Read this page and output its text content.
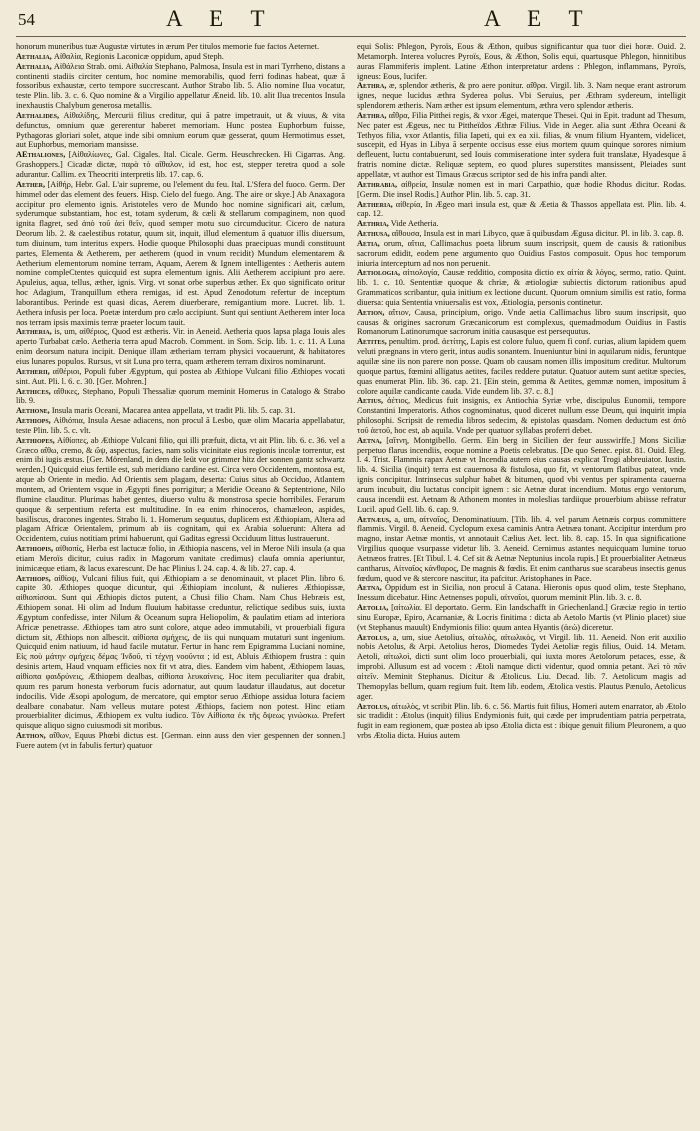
54	A E T	A E T

honorum muneribus tuæ Augustæ virtutes in ærum Per titulos memorie fue factos Aeternet.

Aethalia, Αἰθαλία, Regionis Laconicæ oppidum, apud Steph.

Aethalia, Αἰθάλεια Strab. omi. Αἰθαλία Stephano, Palmosa, Insula est in mari Tyrrheno, distans a continenti stadiis circiter centum, hoc nomine memorabilis, quod ferri fodinas habeat, quæ ā fossoribus exhaustæ, certo tempore succrescant. Author Strabo lib. 5. Alio nomine Ilua vocatur, teste Plin. lib. 3. c. 6. Quo nomine & a Virgilio appellatur Æneid. lib. 10. alit Ilua trecentos Insula inexhaustis Chalybum generosa metallis.

Aethalides, Αἰθαλίδης, Mercurii filius creditur, qui ā patre impetrauit, ut & viuus, & vita defunctus, omnium quæ gererentur haberet memoriam. Hunc postea Euphorbum fuisse, Pythagoras gloriari solet, atque inde sibi omnium eorum quæ gesserat, quum Hermotimus esset, aut Euphorbus, memoriam mansisse.

AEthaliones, [Αἰθαλίωνες, Gal. Cigales. Ital. Cicale. Germ. Heuschrecken. Hi Cigarras. Ang. Grashoppers.] Cicadæ dictæ, παρὰ τὸ αἴθαλον, id est, hoc est, stepper teretra quod a sole adurantur. Callim. ex Theocriti interpretis lib. 17. cap. 6.

Aether, [Αἰθήρ, Hebr. Gal. L'air supreme, ou l'element du feu. Ital. L'Sfera del fuoco. Germ. Der himmel oder das element des feuers. Hisp. Cielo del fuego. Ang. The aire or skye.] Ab Anaxagora accipitur pro elemento ignis. Aristoteles vero de Mundo hoc nomine significari ait, cælum, syderumque substantiam, hoc est, totam syderum, & cæli & stellarum compaginem, non quod ignita flagret, sed ἀπὸ τοῦ ἀεὶ θεῖν, quod semper motu suo circumducitur. Cicero de natura Deorum lib. 2. & caelestibus rotatur, quum sit, inquit, illud elementum ā quatuor illis diuersum, tum diuinum, tum interitus expers. Hodie quoque Philosophi duas praecipuas mundi constituunt partes, Elementa & Aetherem, per aetherem (quod in vnum recidit) Mundum elementarem & Aetherium elementorum nomine terram, Aquam, Aerem & Ignem intelligentes : Aetheris autem nomine compleCtentes quicquid est supra elementum ignis. Alii Aetherem accipiunt pro aere. Apuleius, aqua, tellus, æther, ignis. Virg. vt sonat orbe superbus æther. Ex quo significato oritur hoc Adagium, Tranquillum ethera remigas, id est. Apud Zenodotum refertur de inceptum laborantibus. Perinde est quasi dicas, Aerem diuerberare, remigantium more. Lucret. lib. 1. Aethera infusis per loca. Poetæ interdum pro cælo accipiunt. Sunt qui sentiunt Aetherem inter loca nos terram ipsis maximis terræ praeter locum tauit.

Aetheria, is, um, αἰθέριος, Quod est ætheris. Vir. in Aeneid. Aetheria quos lapsa plaga Iouis ales aperto Turbabat cælo. Aetheria terra apud Macrob. Comment. in Som. Scip. lib. 1. c. 11. A Luna enim deorsum natura incipit. Denique illam ætheriam terram physici vocauerunt, & habitatores eius lunares populos. Rursus, vt sit Luna pro terra, quam ætherem terram dixiros nominarunt.

Aetherii, αἰθέριοι, Populi fuber Ægyptum, qui postea ab Æthiope Vulcani filio Æthiopes vocati sint. Aut. Pli. l. 6. c. 30. [Ger. Mohren.]

Aethices, αἴθικες, Stephano, Populi Thessaliæ quorum meminit Homerus in Catalogo & Strabo lib. 9.

Aethone, Insula maris Oceani, Macarea antea appellata, vt tradit Pli. lib. 5. cap. 31.

Aethiops, Αἰθιόπια, Insula Aesae adiacens, non procul ā Lesbo, quæ olim Macaria appellabatur, teste Plin. lib. 5. c. vlt.

Aethiopes, Αἰθίοπες, ab Æthiope Vulcani filio, qui illi præfuit, dicta, vt ait Plin. lib. 6. c. 36. vel a Græco αἴθω, cremo, & ὤψ, aspectus, facies, nam solis vicinitate eius regionis incolæ torrentur, est enim ibi iugis æstus. [Ger. Mörenland, in dem die leüt vor grimmer hitz der sonnen gantz schwartz werden.] Quicquid eius fertile est, sub meridiano cardine est. Circa vero Occidentem, montosa est, atque ab Oriente in medio. Ad Orientis sem plagam, deserta: Cuius situs ab Occiduo, Atlantem montem, ad Orientem vsque in Ægypti fines porrigitur; a Meridie Oceano & Septentrione, Nilo flumine clauditur. Plurimas habet gentes, diuerso vultu & monstrosa specie horribiles. Ferarum quoque & serpentium referta est multitudine. In ea enim rhinoceros, chamæleon, aspides, basiliscus, dracones ingentes. Strabo li. 1. Homerum sequutus, duplicem est Æthiopiam, Altera ad plagam Africæ Orientalem, primum ab iis cognitam, qui ex Arabia soluerunt: Altera ad Occidentem, cuius notitiam primi habuerunt, qui Gaditas egressi Occiduum littus lustrauerunt.

Aethiopis, αἰθιοπίς, Herba est lactucæ folio, in Æthiopia nascens, vel in Meroe Nili insula (a qua etiam Meroïs dicitur, cuius radix in Magorum vanitate credimus) claufa omnia aperiuntur, inimicæque etiam, & lacus exarescunt. De hac Plinius l. 24. cap. 4. & lib. 27. cap. 4.

Aethiops, αἰθίοψ, Vulcani filius fuit, qui Æthiopiam a se denominauit, vt placet Plin. libro 6. capite 30. Æthiopes quoque dicuntur, qui Æthiopiam incolunt, & nulieres Æthiopissæ, αἰθιοπίσσαι. Sunt qui Æthiopis dictos putent, a Chusi filio Cham. Nam Chus Hebræis est, Æthiopem sonat. Hi olim ad Indum fluuium habitasse creduntur, relictique sedibus suis, iuxta Ægyptum confedisse, inter Nilum & Oceanum supra Heliopolim, & paulatim etiam ad interiora Africæ penetrasse. Æthiopes tam atro sunt colore, atque adeo immutabili, vt prouerbiali figura dictum sit, Æthiops non albescit. αἰθίοπα σμήχεις, de iis qui nunquam mutaturi sunt ingenium. Quicquid enim natiuum, id haud facile mutatur. Fertur in hanc rem Epigramma Luciani nomine, Εἰς ποὺ μάτην σμήχεις δέμας Ἰνδοῦ, τί τέχνῃ νοοῦντα ; id est, Abluis Æthiopem frustra : quin desinis artem, Haud vnquam efficies nox fit vt atra, dies. Eandem vim habent, Æthiopem lauas, αἰθίοπα φαιδρύνεις, Æthiopem dealbas, αἰθίοπα λευκαίνεις. Hoc item peculiariter qua drabit, quum res parum honesta verborum fucis adornatur, aut quum laudatur illaudatus, aut docetur indocilis. Vide Æsopi apologum, de mercatore, qui emptor seruo Æthiope assidua lotura faciem dealbare conabatur. Nam velleus mutare potest Æthiops, faciem non potest. Hinc etiam prouerbialiter dicimus, Æthiopem ex vultu iudico. Tὸν Αἰθίοπα ἐκ τῆς ὄψεως γινώσκω. Prefert quisque aliquo signo cuiusmodi sit moribus.

Aethon, αἴθων, Equus Phœbi dictus est. [German. einn auss den vier gespennen der sonnen.] Fuere autem (vt in fabulis fertur) quatuor

equi Solis: Phlegon, Pyroïs, Eous & Æthon, quibus significantur qua tuor diei horæ. Ouid. 2. Metamorph. Interea volucres Pyroïs, Eous, & Æthon, Solis equi, quartusque Phlegon, hinnitibus auras Flammiferis implent. Latine Æthon interpretatur ardens : Phlegon, inflammans, Pyroïs, igneus: Eous, lucifer.

Aethra, æ, splendor ætheris, & pro aere ponitur. αἴθρα. Virgil. lib. 3. Nam neque erant astrorum ignes, neque lucidus æthra Syderea polus. Vbi Seruius, per Æthram sydereum, intelligit splendorem ætheris. Nam æther est ipsum elementum, æthra vero splendor ætheris.

Aethra, αἴθρα, Filia Pitthei regis, & vxor Ægei, materque Thesei. Qui in Epit. tradunt ad Thesum, Nec pater est Ægeus, nec tu Pittheïdos Æthræ Filius. Vide in Aeger. alia sunt Æthra Oceani & Tethyos filia, vxor Atlantis, filia Iapeti, qui ex ea xii. filias, & vnum filium Hyantem, videlicet, suscepit, ed Hyas in Libya ā serpente occisus esse eius mortem quum quinque sorores nimium defleuent, luctu contabuerunt, sed Iouis commiseratione inter sydera fuit translatæ, Hyadesque ā fratris nomine dictæ. Reliquæ septem, eo quod plures superstites mansissent, Pleiades sunt appellatæ, vt author est Timaus Græcus scriptor sed de his infra pandi alter.

Aethrabia, αἰθρεία, Insulæ nomen est in mari Carpathio, quæ hodie Rhodus dicitur. Rodas. [Germ. Die insel Rodis.] Author Plin. lib. 5. cap. 31.

Aetheria, αἰθερία, In Ægeo mari insula est, quæ & Æetia & Thassos appellata est. Plin. lib. 4. cap. 12.

Aethria, Vide Aetheria.

Aethusa, αἴθουσα, Insula est in mari Libyco, quæ ā quibusdam Ægusa dicitur. Pl. in lib. 3. cap. 8.

Aetia, orum, αἴτια, Callimachus poeta librum suum inscripsit, quem de causis & rationibus sacrorum edidit, eodem pene argumento quo Ouidius Fastos composuit. Opus hoc temporum iniuria intercepturn ad nos non peruenit.

Aetiologia, αἰτιολογία, Causæ redditio, composita dictio ex αἰτία & λόγος, sermo, ratio. Quint. lib. 1. c. 10. Sententiæ quoque & chriæ, & ætiologiæ subiectis dictorum rationibus apud Grammaticos scribantur, quia initium ex lectione ducunt. Quorum omnium similis est ratio, forma diuersa: quia Sententia vniuersalis est vox, Ætiologia, personis continetur.

Aetion, αἴτιον, Causa, principium, origo. Vnde aetia Callimachus libro suum inscripsit, quo causas & origines sacrorum Græcanicorum est complexus, quemadmodum Ouidius in Fastis Romanorum Latinorumque sacrorum initia causasque est persequutus.

Aetites, penultim. prod. ἀετίτης, Lapis est colore fuluo, quem fi conf. curias, alium lapidem quem veluti prægnans in vtero gerit, intus audis sonantem. Inueniuntur bini in aquilarum nidis, feruntque aquilæ sine iis non parere non posse. Quam ob causam nomen illis impositum creditur. Multorum quoque partus, fœmini alligatus aetites, faciles reddere putatur. Quatuor autem sunt aetitæ species, quas enumerat Plin. lib. 36. cap. 21. [Ein stein, gemma & Aetites, gemmæ nomen, impositum ā colore aquilæ candicante cauda. Vide eundem lib. 37. c. 8.]

Aetius, ἀέτιος, Medicus fuit insignis, ex Antiochia Syriæ vrbe, discipulus Eunomii, tempore Constantini Imperatoris. Athos cognominatus, quod diceret nullum esse Deum, qui inquirit impia philosophi. Scripsit de remedia libros sedecim, & epistolas quasdam. Nomen deductum est ἀπὸ τοῦ ἀετοῦ, hoc est, ab aquila. Vnde per quatuor syllabas proferri debet.

Aetna, [αἴτνη, Montgibello. Germ. Ein berg in Sicilien der feur ausswirffe.] Mons Siciliæ perpetuo flarus incendiis, eoque nomine a Poetis celebratus. [De quo Senec. epist. 81. Ouid. Eleg. l. 4. Trist. Flammis rapax Aetnæ vt Incendia autem eius causas explicat Trogi abbreuiator. Iustin. lib. 4. Sicilia (inquit) terra est cauernosa & fistulosa, quo fit, vt ventorum flatibus pateat, vnde ignis concipitur. Intrinsecus sulphur habet & bitumen, quod vbi ventus per spiramenta cauerna arum incubuit, diu luctatus concipit ignem : sic Aetnæ durat incendium. Motus ergo ventorum, causa incendii est. Aetnam & Athonem montes in moleslias tardiique prouerbium abiisse refratur Lucil. apud Gell. lib. 6. cap. 9.

Aetnæus, a, um, αἰτναῖος, Denominatiuum. [Tib. lib. 4. vel parum Aetnæis corpus committere flammis. Virgil. 8. Aeneid. Cyclopum exesa caminis Antra Aetnæa tonant. Accipitur interdum pro magno, instar Aetnæ montis, vt annotauit Cælius Aet. lect. lib. 8. cap. 15. In qua significatione Virgilius quoque vsurpasse videtur lib. 3. Aeneid. Cernimus astantes nequicquam lumine toruo Aetnæos fratres. [Et Tibul. l. 4. Cef sit & Aetnæ Neptunius incola rupis.] Et prouerbialiter Aetnæus cantharus, Αἰτναῖος κάνθαρος, De magnis & fœdis. Et enim cantharus sue scarabeus insectis genus fœdum, quod ve & stercore nascitur, ita pafcitur. Aristophanes in Pace.

Aetna, Oppidum est in Sicilia, non procul ā Catana. Hieronis opus quod olim, teste Stephano, Inessum dicebatur. Hinc Aetnenses populi, αἰτναῖοι, quorum meminit Plin. lib. 3. c. 8.

Aetolia, [αἰτωλία. El deportato. Germ. Ein landschafft in Griechenland.] Græciæ regio in tertio sinu Europæ, Epiro, Acarnaniæ, & Locris finitima : dicta ab Aetolo Martis (vt Plinio placet) siue (vt Stephanus mauult) Endymionis filio: quum antea Hyantis (ἀεώ) diceretur.

Aetolus, a, um, siue Aetolius, αἰτωλὸς, αἰτωλικὸς, vt Virgil. lib. 11. Aeneid. Non erit auxilio nobis Aetolus, & Arpi. Aetolius heros, Diomedes Tydei Aetoliæ regis filius, Ouid. 14. Metam. Aetoli, αἰτωλοὶ, dicti sunt olim loco prouerbiali, qui iuxta mores Aetolorum petaces, esse, & improbi. Allusum est ad vocem : Ætoli namque dicti videntur, quod omnia petant. Ἀεὶ τὸ πᾶν αἰτεῖν. Meminit Stephanus. Dicitur & Ætolicus. Liu. Decad. lib. 7. Aetolicum magis ad Themopylas bellum, quam regium fuit. Item lib. eodem, Ætolica vestis. Plautus Pænulo, Aetolicus ager.

Aetolus, αἰτωλὸς, vt scribit Plin. lib. 6. c. 56. Martis fuit filius, Homeri autem enarrator, ab Ætolo sic tradidit : Ætolus (inquit) filius Endymionis fuit, qui cæde per imprudentiam patria perpetrata, fugit in eam regionem, quæ postea ab ipso Ætolia dicta est : ibique genuit filium Pleuronem, a quo vrbs Ætolia dicta. Huius autem
